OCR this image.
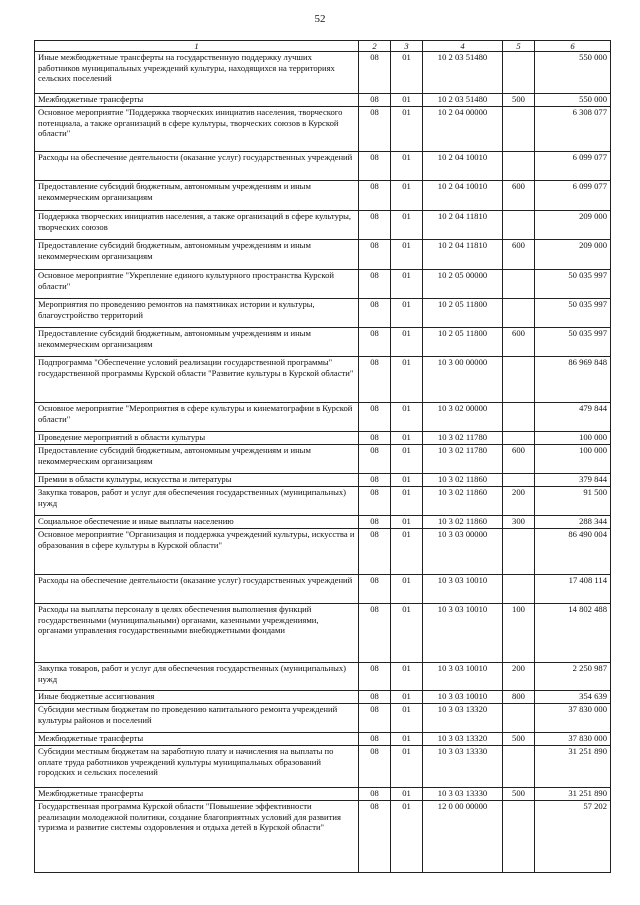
52
1	2	3	4	5	6
Иные межбюджетные трансферты на государственную поддержку лучших работников муниципальных учреждений культуры, находящихся на территориях сельских поселений	08	01	10 2 03 51480		550 000
Межбюджетные трансферты	08	01	10 2 03 51480	500	550 000
Основное мероприятие "Поддержка творческих инициатив населения, творческого потенциала, а также организаций в сфере культуры, творческих союзов в Курской области"	08	01	10 2 04 00000		6 308 077
Расходы на обеспечение деятельности (оказание услуг) государственных учреждений	08	01	10 2 04 10010		6 099 077
Предоставление субсидий бюджетным, автономным учреждениям и иным некоммерческим организациям	08	01	10 2 04 10010	600	6 099 077
Поддержка творческих инициатив населения, а также организаций в сфере культуры, творческих союзов	08	01	10 2 04 11810		209 000
Предоставление субсидий бюджетным, автономным учреждениям и иным некоммерческим организациям	08	01	10 2 04 11810	600	209 000
Основное мероприятие "Укрепление единого культурного пространства Курской области"	08	01	10 2 05 00000		50 035 997
Мероприятия по проведению ремонтов на памятниках истории и культуры, благоустройство территорий	08	01	10 2 05 11800		50 035 997
Предоставление субсидий бюджетным, автономным учреждениям и иным некоммерческим организациям	08	01	10 2 05 11800	600	50 035 997
Подпрограмма "Обеспечение условий реализации государственной программы" государственной программы Курской области "Развитие культуры в Курской области"	08	01	10 3 00 00000		86 969 848
Основное мероприятие "Мероприятия в сфере культуры и кинематографии в Курской области"	08	01	10 3 02 00000		479 844
Проведение мероприятий в области культуры	08	01	10 3 02 11780		100 000
Предоставление субсидий бюджетным, автономным учреждениям и иным некоммерческим организациям	08	01	10 3 02 11780	600	100 000
Премии в области культуры, искусства и литературы	08	01	10 3 02 11860		379 844
Закупка товаров, работ и услуг для обеспечения государственных (муниципальных) нужд	08	01	10 3 02 11860	200	91 500
Социальное обеспечение и иные выплаты населению	08	01	10 3 02 11860	300	288 344
Основное мероприятие "Организация и поддержка учреждений культуры, искусства и образования в сфере культуры в Курской области"	08	01	10 3 03 00000		86 490 004
Расходы на обеспечение деятельности (оказание услуг) государственных учреждений	08	01	10 3 03 10010		17 408 114
Расходы на выплаты персоналу в целях обеспечения выполнения функций государственными (муниципальными) органами, казенными учреждениями, органами управления государственными внебюджетными фондами	08	01	10 3 03 10010	100	14 802 488
Закупка товаров, работ и услуг для обеспечения государственных (муниципальных) нужд	08	01	10 3 03 10010	200	2 250 987
Иные бюджетные ассигнования	08	01	10 3 03 10010	800	354 639
Субсидии местным бюджетам по проведению капитального ремонта учреждений культуры районов и поселений	08	01	10 3 03 13320		37 830 000
Межбюджетные трансферты	08	01	10 3 03 13320	500	37 830 000
Субсидии местным бюджетам на заработную плату и начисления на выплаты по оплате труда работников учреждений культуры муниципальных образований городских и сельских поселений	08	01	10 3 03 13330		31 251 890
Межбюджетные трансферты	08	01	10 3 03 13330	500	31 251 890
Государственная программа Курской области "Повышение эффективности реализации молодежной политики, создание благоприятных условий для развития туризма и развитие системы оздоровления и отдыха детей в Курской области"	08	01	12 0 00 00000		57 202
